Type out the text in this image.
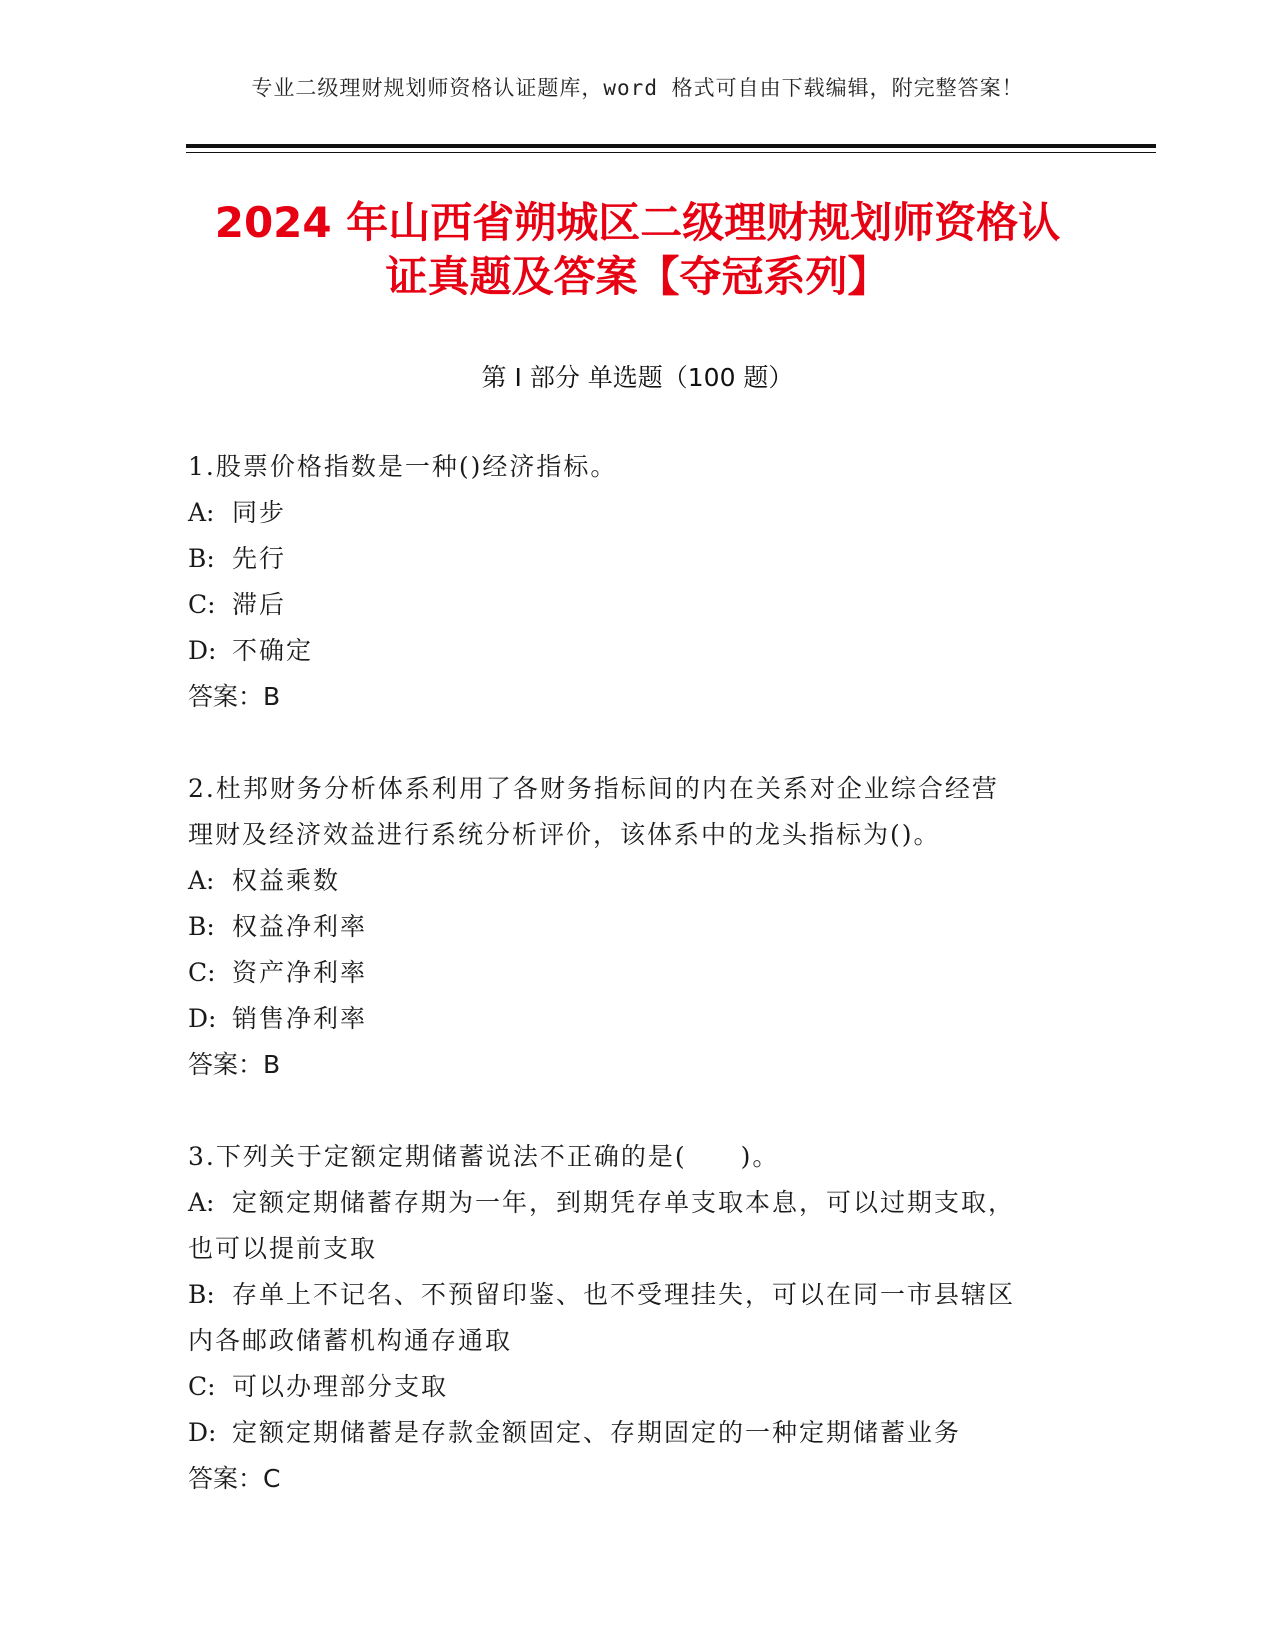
专业二级理财规划师资格认证题库，word 格式可自由下载编辑，附完整答案！
2024 年山西省朔城区二级理财规划师资格认
证真题及答案【夺冠系列】
第 I 部分 单选题（100 题）
1.股票价格指数是一种()经济指标。
A: 同步
B: 先行
C: 滞后
D: 不确定
答案：B
2.杜邦财务分析体系利用了各财务指标间的内在关系对企业综合经营
理财及经济效益进行系统分析评价，该体系中的龙头指标为()。
A: 权益乘数
B: 权益净利率
C: 资产净利率
D: 销售净利率
答案：B
3.下列关于定额定期储蓄说法不正确的是(　　)。
A: 定额定期储蓄存期为一年，到期凭存单支取本息，可以过期支取，
也可以提前支取
B: 存单上不记名、不预留印鉴、也不受理挂失，可以在同一市县辖区
内各邮政储蓄机构通存通取
C: 可以办理部分支取
D: 定额定期储蓄是存款金额固定、存期固定的一种定期储蓄业务
答案：C
